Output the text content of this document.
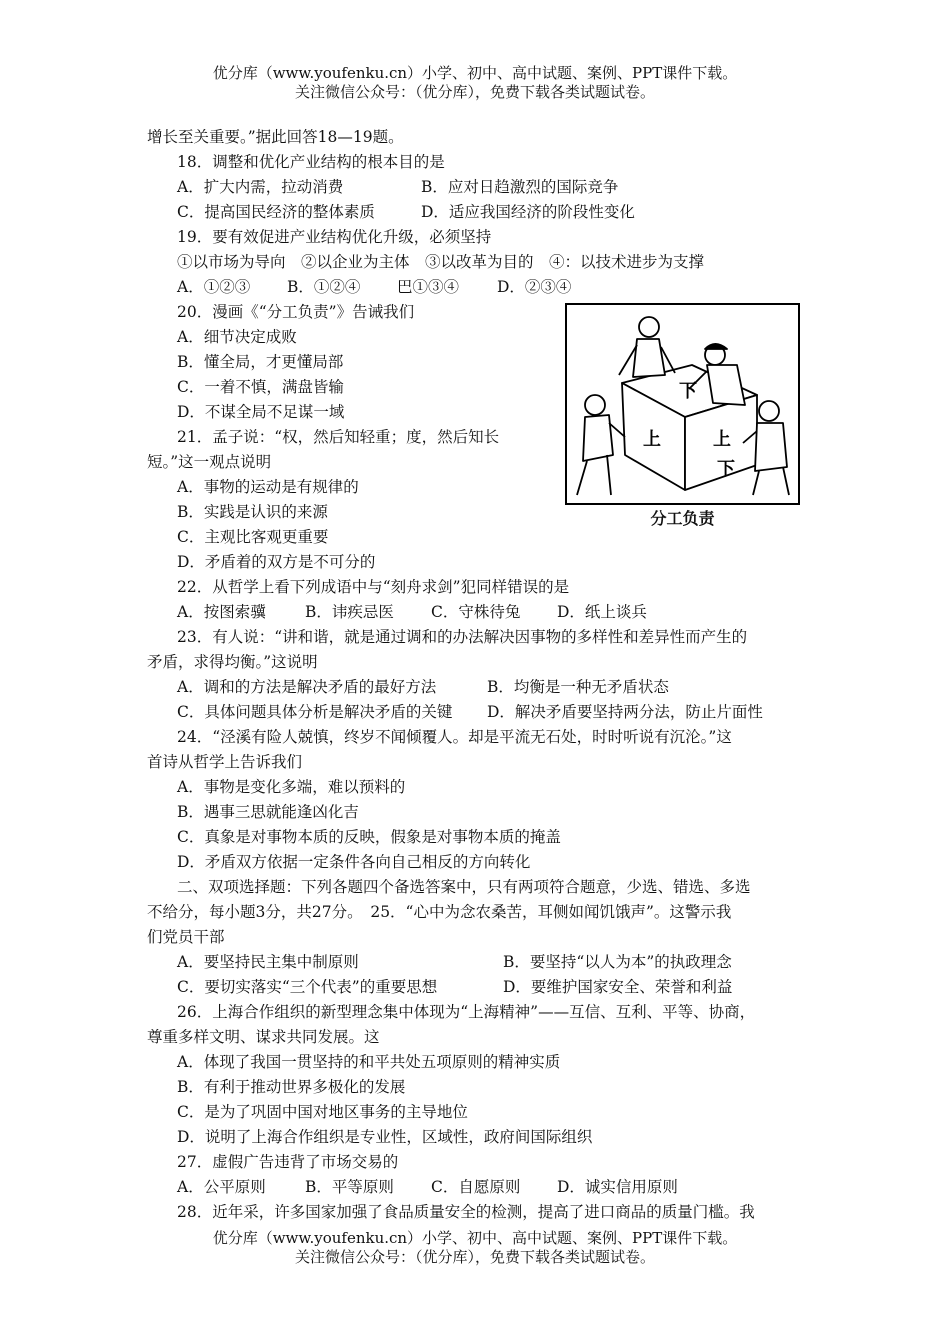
优分库（www.youfenku.cn）小学、初中、高中试题、案例、PPT课件下载。
关注微信公众号：（优分库），免费下载各类试题试卷。
增长至关重要。”据此回答18—19题。
18．调整和优化产业结构的根本目的是
A．扩大内需，拉动消费	B．应对日趋激烈的国际竞争
C．提高国民经济的整体素质	D．适应我国经济的阶段性变化
19．要有效促进产业结构优化升级，必须坚持
①以市场为导向　②以企业为主体　③以改革为目的　④：以技术进步为支撑
A．①②③	B．①②④	巴①③④	D．②③④
20．漫画《“分工负责”》告诫我们
A．细节决定成败
B．懂全局，才更懂局部
C．一着不慎，满盘皆输
D．不谋全局不足谋一域
下
上	上
下
分工负责
21．孟子说：“权，然后知轻重；度，然后知长
短。”这一观点说明
A．事物的运动是有规律的
B．实践是认识的来源
C．主观比客观更重要
D．矛盾着的双方是不可分的
22．从哲学上看下列成语中与“刻舟求剑”犯同样错误的是
A．按图索骥	B．讳疾忌医	C．守株待兔	D．纸上谈兵
23．有人说：“讲和谐，就是通过调和的办法解决因事物的多样性和差异性而产生的
矛盾，求得均衡。”这说明
A．调和的方法是解决矛盾的最好方法	B．均衡是一种无矛盾状态
C．具体问题具体分析是解决矛盾的关键	D．解决矛盾要坚持两分法，防止片面性
24．“泾溪有险人兢慎，终岁不闻倾覆人。却是平流无石处，时时听说有沉沦。”这
首诗从哲学上告诉我们
A．事物是变化多端，难以预料的
B．遇事三思就能逢凶化吉
C．真象是对事物本质的反映，假象是对事物本质的掩盖
D．矛盾双方依据一定条件各向自己相反的方向转化
二、双项选择题：下列各题四个备选答案中，只有两项符合题意，少选、错选、多选
不给分，每小题3分，共27分。　25．“心中为念农桑苦，耳侧如闻饥饿声”。这警示我
们党员干部
A．要坚持民主集中制原则	B．要坚持“以人为本”的执政理念
C．要切实落实“三个代表”的重要思想	D．要维护国家安全、荣誉和利益
26．上海合作组织的新型理念集中体现为“上海精神”——互信、互利、平等、协商，
尊重多样文明、谋求共同发展。这
A．体现了我国一贯坚持的和平共处五项原则的精神实质
B．有利于推动世界多极化的发展
C．是为了巩固中国对地区事务的主导地位
D．说明了上海合作组织是专业性，区域性，政府间国际组织
27．虚假广告违背了市场交易的
A．公平原则	B．平等原则	C．自愿原则	D．诚实信用原则
28．近年采，许多国家加强了食品质量安全的检测，提高了进口商品的质量门槛。我
优分库（www.youfenku.cn）小学、初中、高中试题、案例、PPT课件下载。
关注微信公众号：（优分库），免费下载各类试题试卷。
